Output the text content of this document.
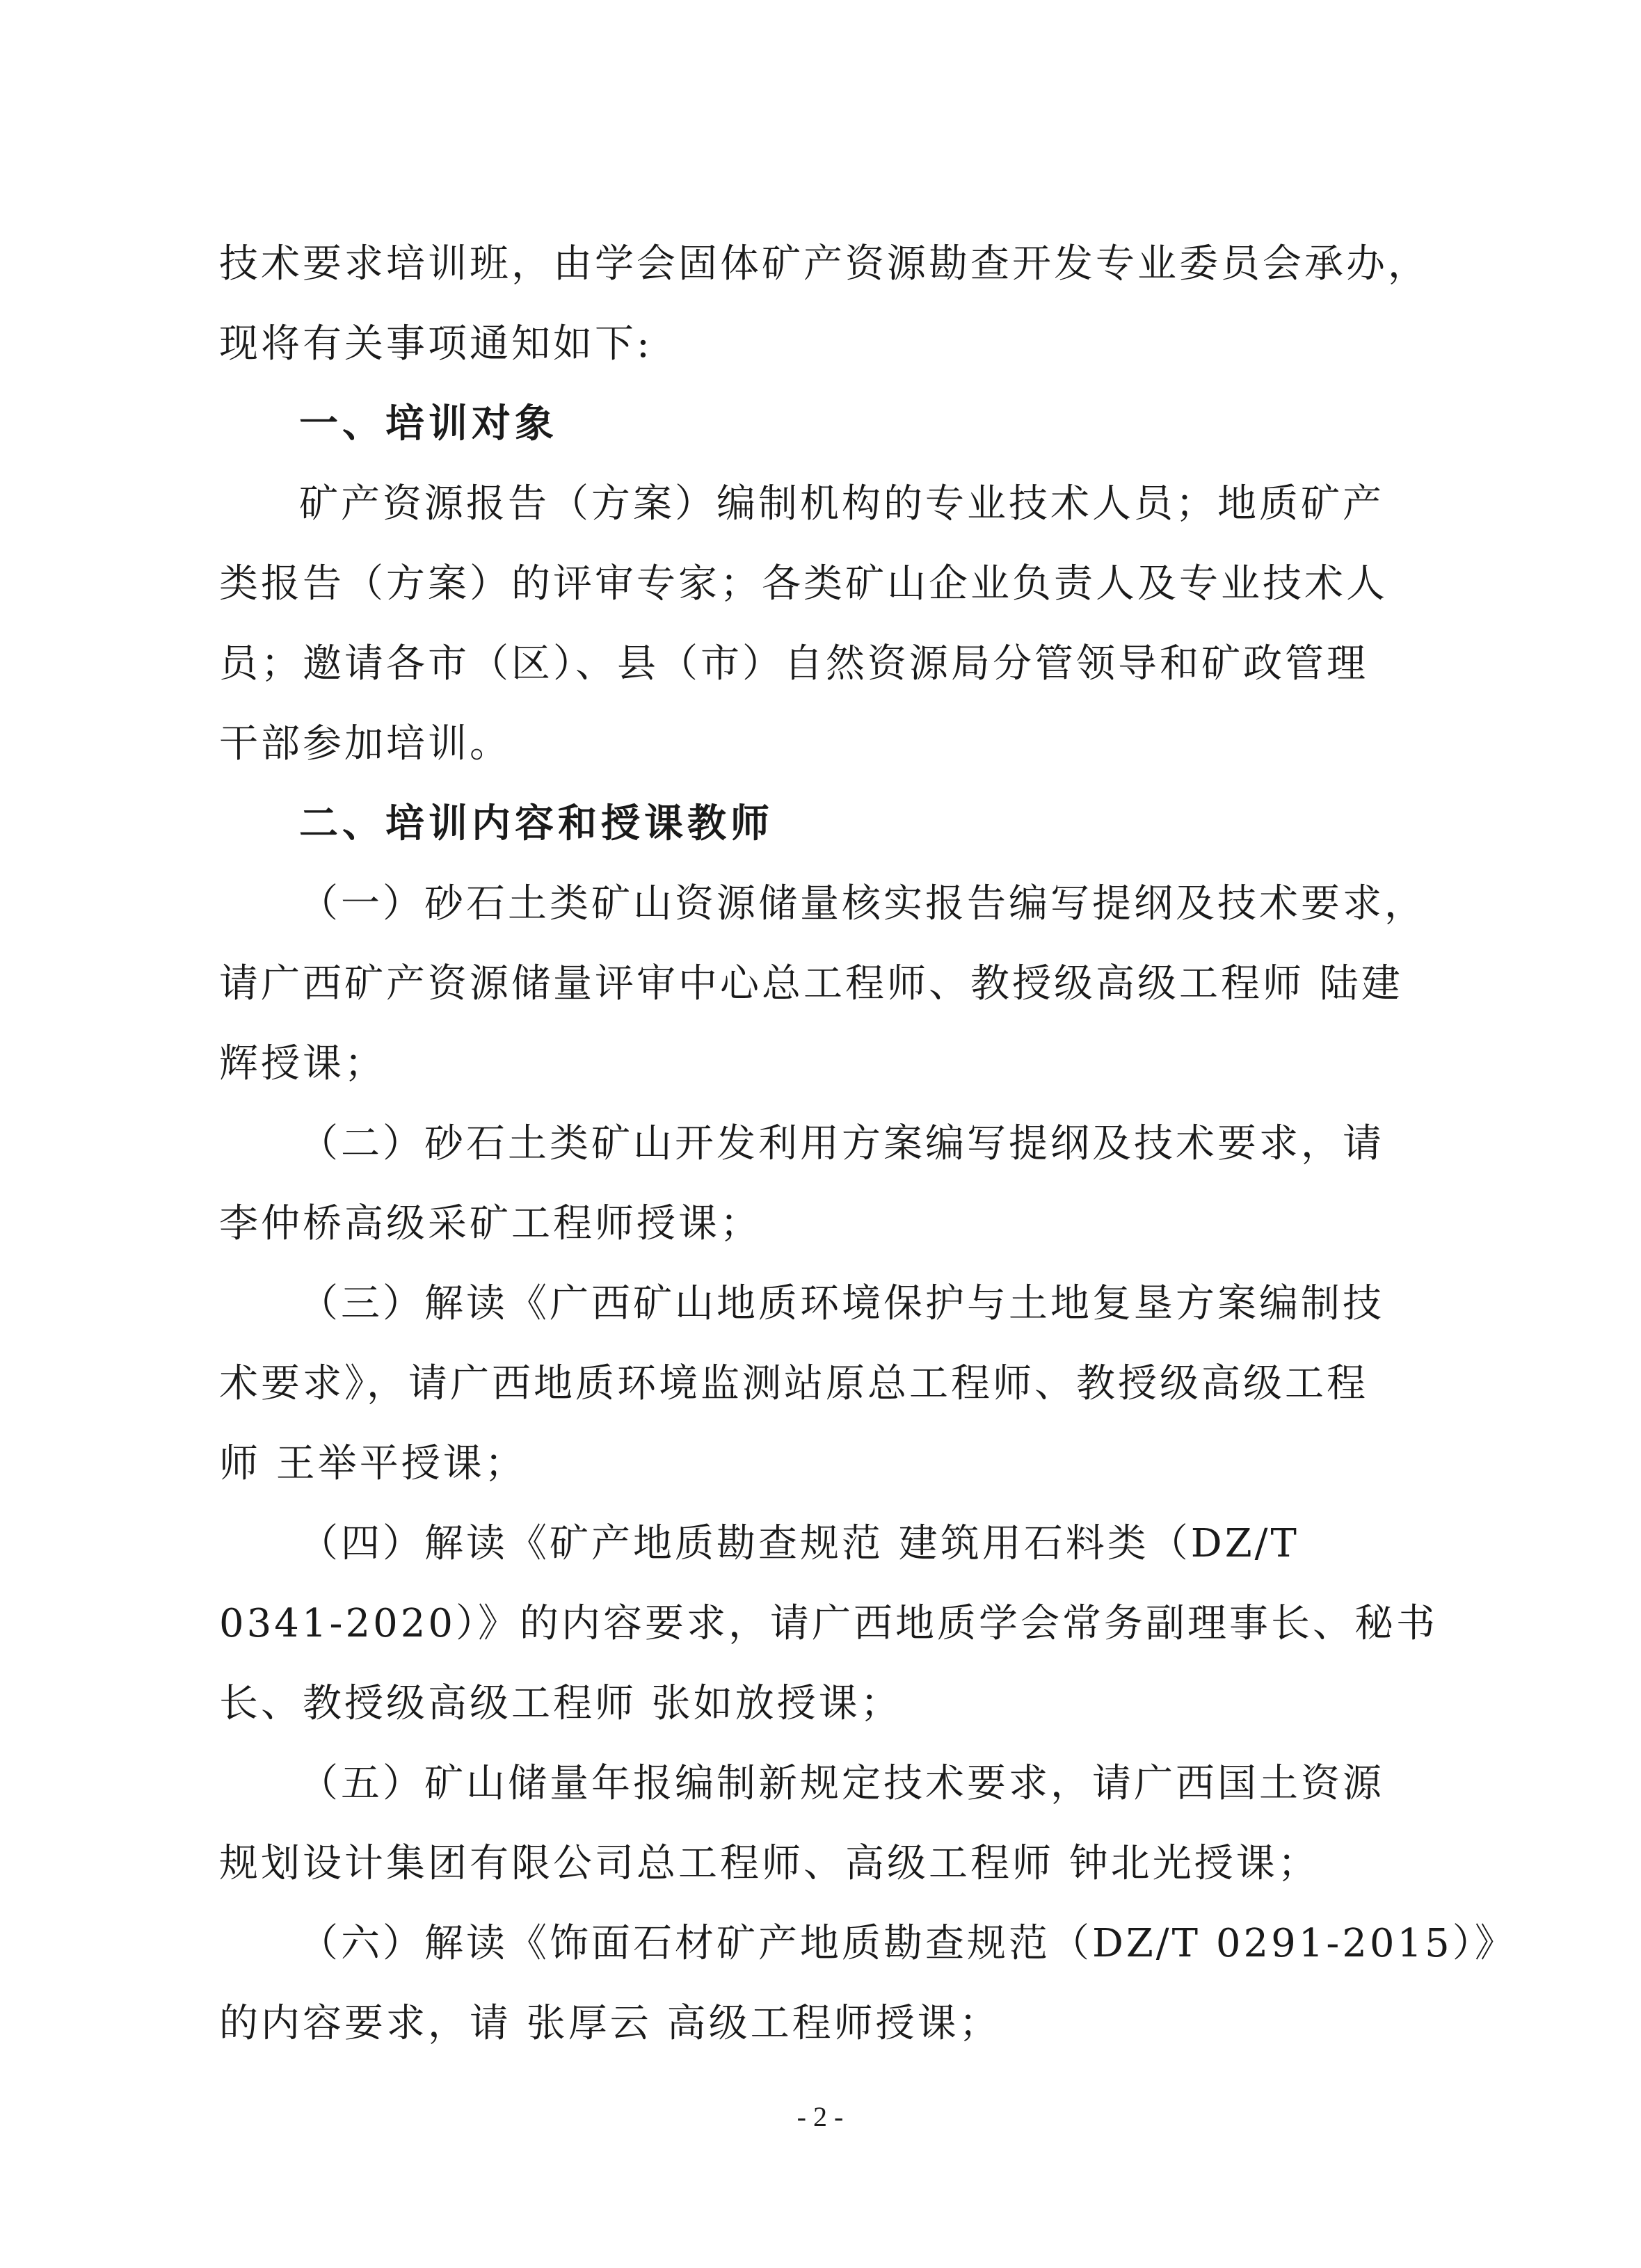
技术要求培训班，由学会固体矿产资源勘查开发专业委员会承办，
现将有关事项通知如下:
一、培训对象
矿产资源报告（方案）编制机构的专业技术人员；地质矿产
类报告（方案）的评审专家；各类矿山企业负责人及专业技术人
员；邀请各市（区）、县（市）自然资源局分管领导和矿政管理
干部参加培训。
二、培训内容和授课教师
（一）砂石土类矿山资源储量核实报告编写提纲及技术要求，
请广西矿产资源储量评审中心总工程师、教授级高级工程师 陆建
辉授课；
（二）砂石土类矿山开发利用方案编写提纲及技术要求，请
李仲桥高级采矿工程师授课；
（三）解读《广西矿山地质环境保护与土地复垦方案编制技
术要求》，请广西地质环境监测站原总工程师、教授级高级工程
师 王举平授课；
（四）解读《矿产地质勘查规范 建筑用石料类（DZ/T
0341-2020）》的内容要求，请广西地质学会常务副理事长、秘书
长、教授级高级工程师 张如放授课；
（五）矿山储量年报编制新规定技术要求，请广西国土资源
规划设计集团有限公司总工程师、高级工程师 钟北光授课；
（六）解读《饰面石材矿产地质勘查规范（DZ/T 0291-2015）》
的内容要求，请 张厚云 高级工程师授课；
- 2 -
